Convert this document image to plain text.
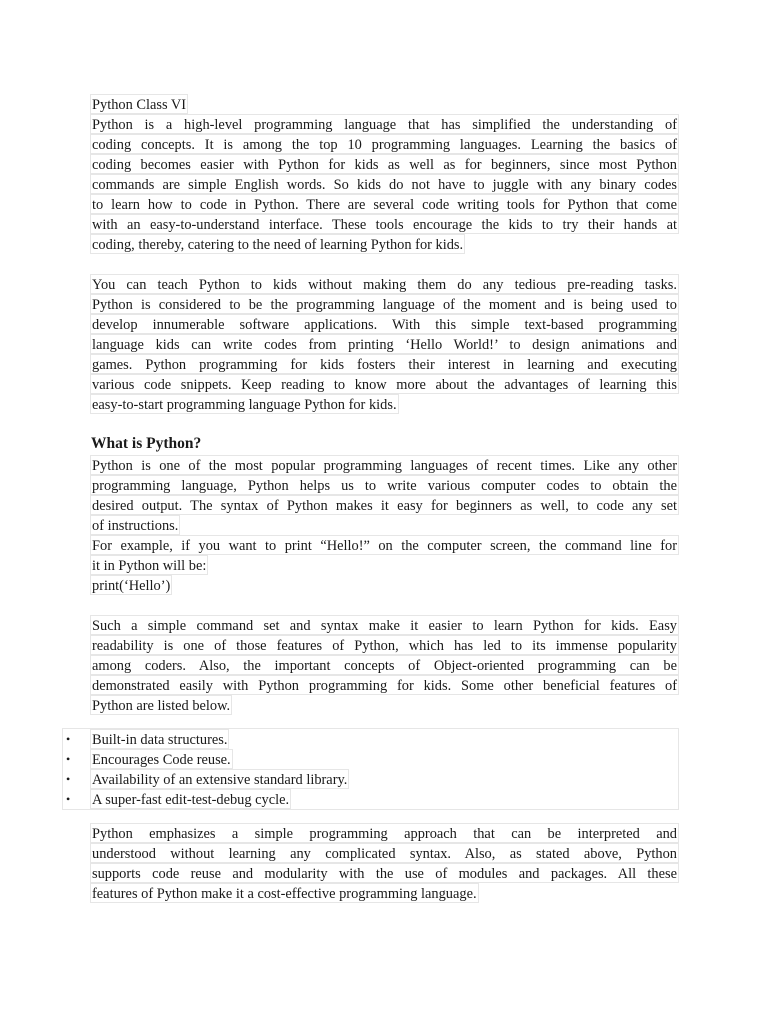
Python Class VI
Python is a high-level programming language that has simplified the understanding of
coding concepts. It is among the top 10 programming languages. Learning the basics of
coding becomes easier with Python for kids as well as for beginners, since most Python
commands are simple English words. So kids do not have to juggle with any binary codes
to learn how to code in Python. There are several code writing tools for Python that come
with an easy-to-understand interface. These tools encourage the kids to try their hands at
coding, thereby, catering to the need of learning Python for kids.
You can teach Python to kids without making them do any tedious pre-reading tasks.
Python is considered to be the programming language of the moment and is being used to
develop innumerable software applications. With this simple text-based programming
language kids can write codes from printing ‘Hello World!’ to design animations and
games. Python programming for kids fosters their interest in learning and executing
various code snippets. Keep reading to know more about the advantages of learning this
easy-to-start programming language Python for kids.
What is Python?
Python is one of the most popular programming languages of recent times. Like any other
programming language, Python helps us to write various computer codes to obtain the
desired output. The syntax of Python makes it easy for beginners as well, to code any set
of instructions.
For example, if you want to print “Hello!” on the computer screen, the command line for
it in Python will be:
print(‘Hello’)
Such a simple command set and syntax make it easier to learn Python for kids. Easy
readability is one of those features of Python, which has led to its immense popularity
among coders. Also, the important concepts of Object-oriented programming can be
demonstrated easily with Python programming for kids. Some other beneficial features of
Python are listed below.
•	Built-in data structures.
•	Encourages Code reuse.
•	Availability of an extensive standard library.
•	A super-fast edit-test-debug cycle.
Python emphasizes a simple programming approach that can be interpreted and
understood without learning any complicated syntax. Also, as stated above, Python
supports code reuse and modularity with the use of modules and packages. All these
features of Python make it a cost-effective programming language.
